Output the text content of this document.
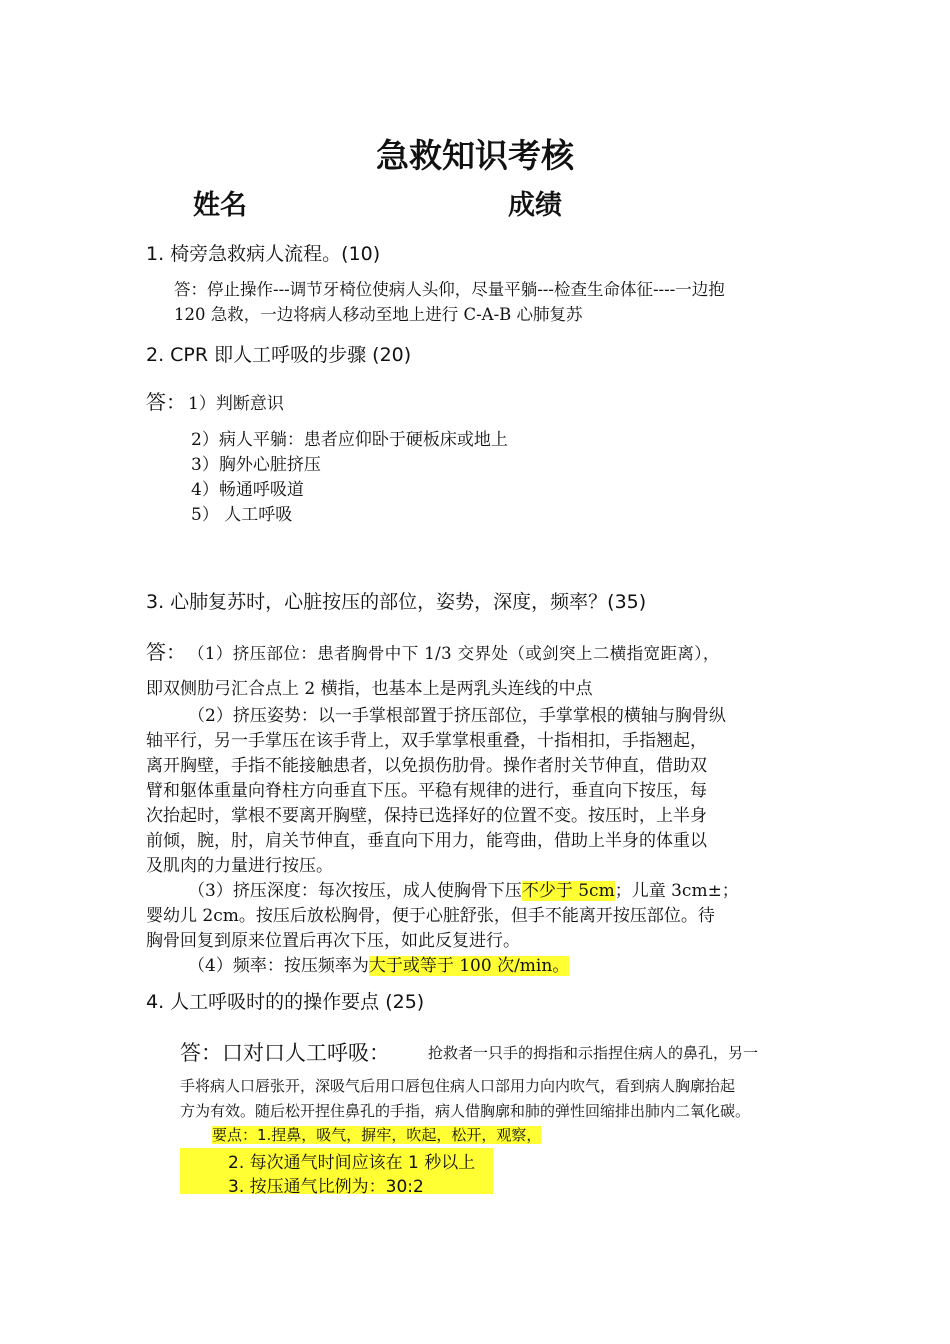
急救知识考核
姓名	成绩
1. 椅旁急救病人流程。(10)
答：停止操作---调节牙椅位使病人头仰，尽量平躺---检查生命体征----一边抱
120 急救，一边将病人移动至地上进行 C-A-B 心肺复苏
2. CPR 即人工呼吸的步骤 (20)
答： 1）判断意识
2）病人平躺：患者应仰卧于硬板床或地上
3）胸外心脏挤压
4）畅通呼吸道
5） 人工呼吸
3. 心肺复苏时，心脏按压的部位，姿势，深度，频率？(35)
答： （1）挤压部位：患者胸骨中下 1/3 交界处（或剑突上二横指宽距离），
即双侧肋弓汇合点上 2 横指，也基本上是两乳头连线的中点
（2）挤压姿势：以一手掌根部置于挤压部位，手掌掌根的横轴与胸骨纵
轴平行，另一手掌压在该手背上，双手掌掌根重叠，十指相扣，手指翘起，
离开胸壁，手指不能接触患者，以免损伤肋骨。操作者肘关节伸直，借助双
臂和躯体重量向脊柱方向垂直下压。平稳有规律的进行，垂直向下按压，每
次抬起时，掌根不要离开胸壁，保持已选择好的位置不变。按压时，上半身
前倾，腕，肘，肩关节伸直，垂直向下用力，能弯曲，借助上半身的体重以
及肌肉的力量进行按压。
（3）挤压深度：每次按压，成人使胸骨下压不少于 5cm；儿童 3cm±；
婴幼儿 2cm。按压后放松胸骨，便于心脏舒张，但手不能离开按压部位。待
胸骨回复到原来位置后再次下压，如此反复进行。
（4）频率：按压频率为大于或等于 100 次/min。
4. 人工呼吸时的的操作要点 (25)
答：口对口人工呼吸：	抢救者一只手的拇指和示指捏住病人的鼻孔，另一
手将病人口唇张开，深吸气后用口唇包住病人口部用力向内吹气，看到病人胸廓抬起
方为有效。随后松开捏住鼻孔的手指，病人借胸廓和肺的弹性回缩排出肺内二氧化碳。
要点：1.捏鼻，吸气，摒牢，吹起，松开，观察，
2. 每次通气时间应该在 1 秒以上
3. 按压通气比例为：30:2
